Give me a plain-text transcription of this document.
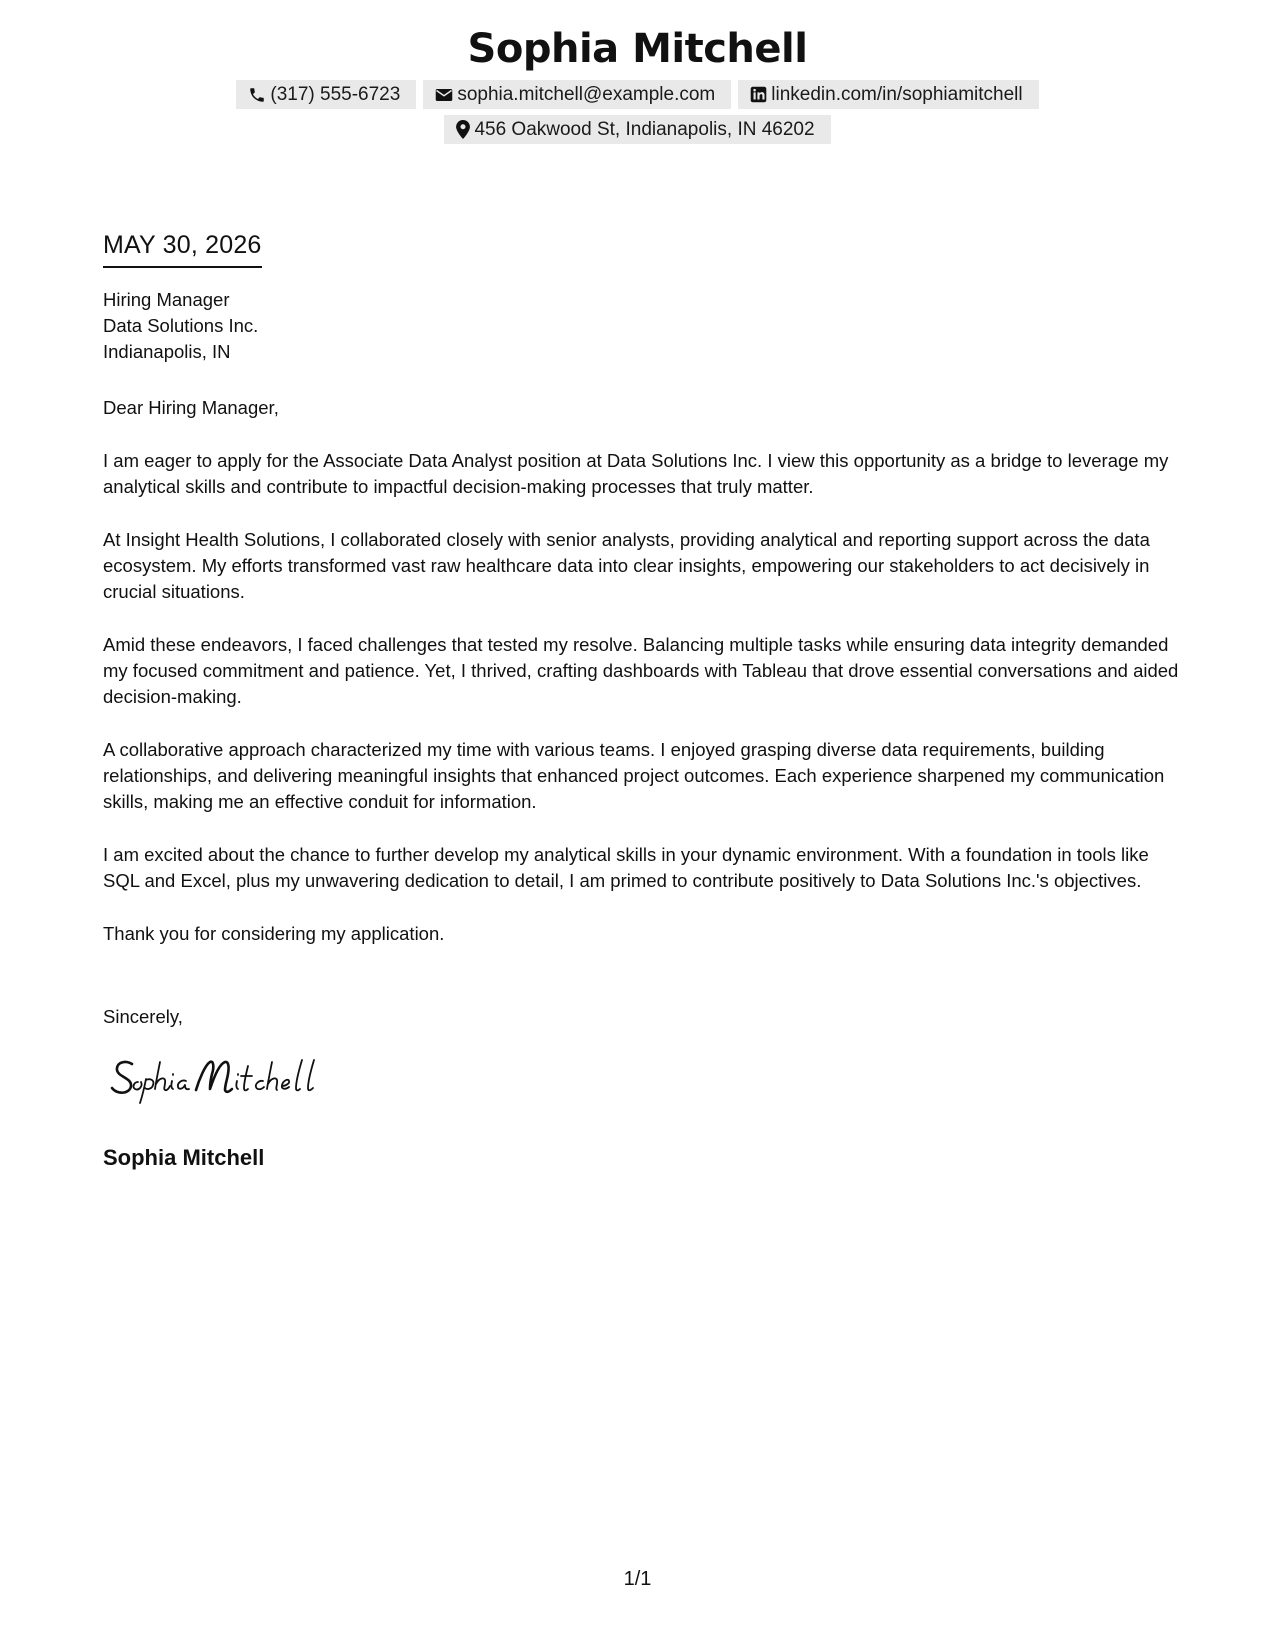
Sophia Mitchell
(317) 555-6723	sophia.mitchell@example.com	linkedin.com/in/sophiamitchell
456 Oakwood St, Indianapolis, IN 46202
MAY 30, 2026
Hiring Manager
Data Solutions Inc.
Indianapolis, IN
Dear Hiring Manager,

I am eager to apply for the Associate Data Analyst position at Data Solutions Inc. I view this opportunity as a bridge to leverage my analytical skills and contribute to impactful decision-making processes that truly matter.

At Insight Health Solutions, I collaborated closely with senior analysts, providing analytical and reporting support across the data ecosystem. My efforts transformed vast raw healthcare data into clear insights, empowering our stakeholders to act decisively in crucial situations.

Amid these endeavors, I faced challenges that tested my resolve. Balancing multiple tasks while ensuring data integrity demanded my focused commitment and patience. Yet, I thrived, crafting dashboards with Tableau that drove essential conversations and aided decision-making.

A collaborative approach characterized my time with various teams. I enjoyed grasping diverse data requirements, building relationships, and delivering meaningful insights that enhanced project outcomes. Each experience sharpened my communication skills, making me an effective conduit for information.

I am excited about the chance to further develop my analytical skills in your dynamic environment. With a foundation in tools like SQL and Excel, plus my unwavering dedication to detail, I am primed to contribute positively to Data Solutions Inc.'s objectives.

Thank you for considering my application.

Sincerely,
Sophia Mitchell
1/1
